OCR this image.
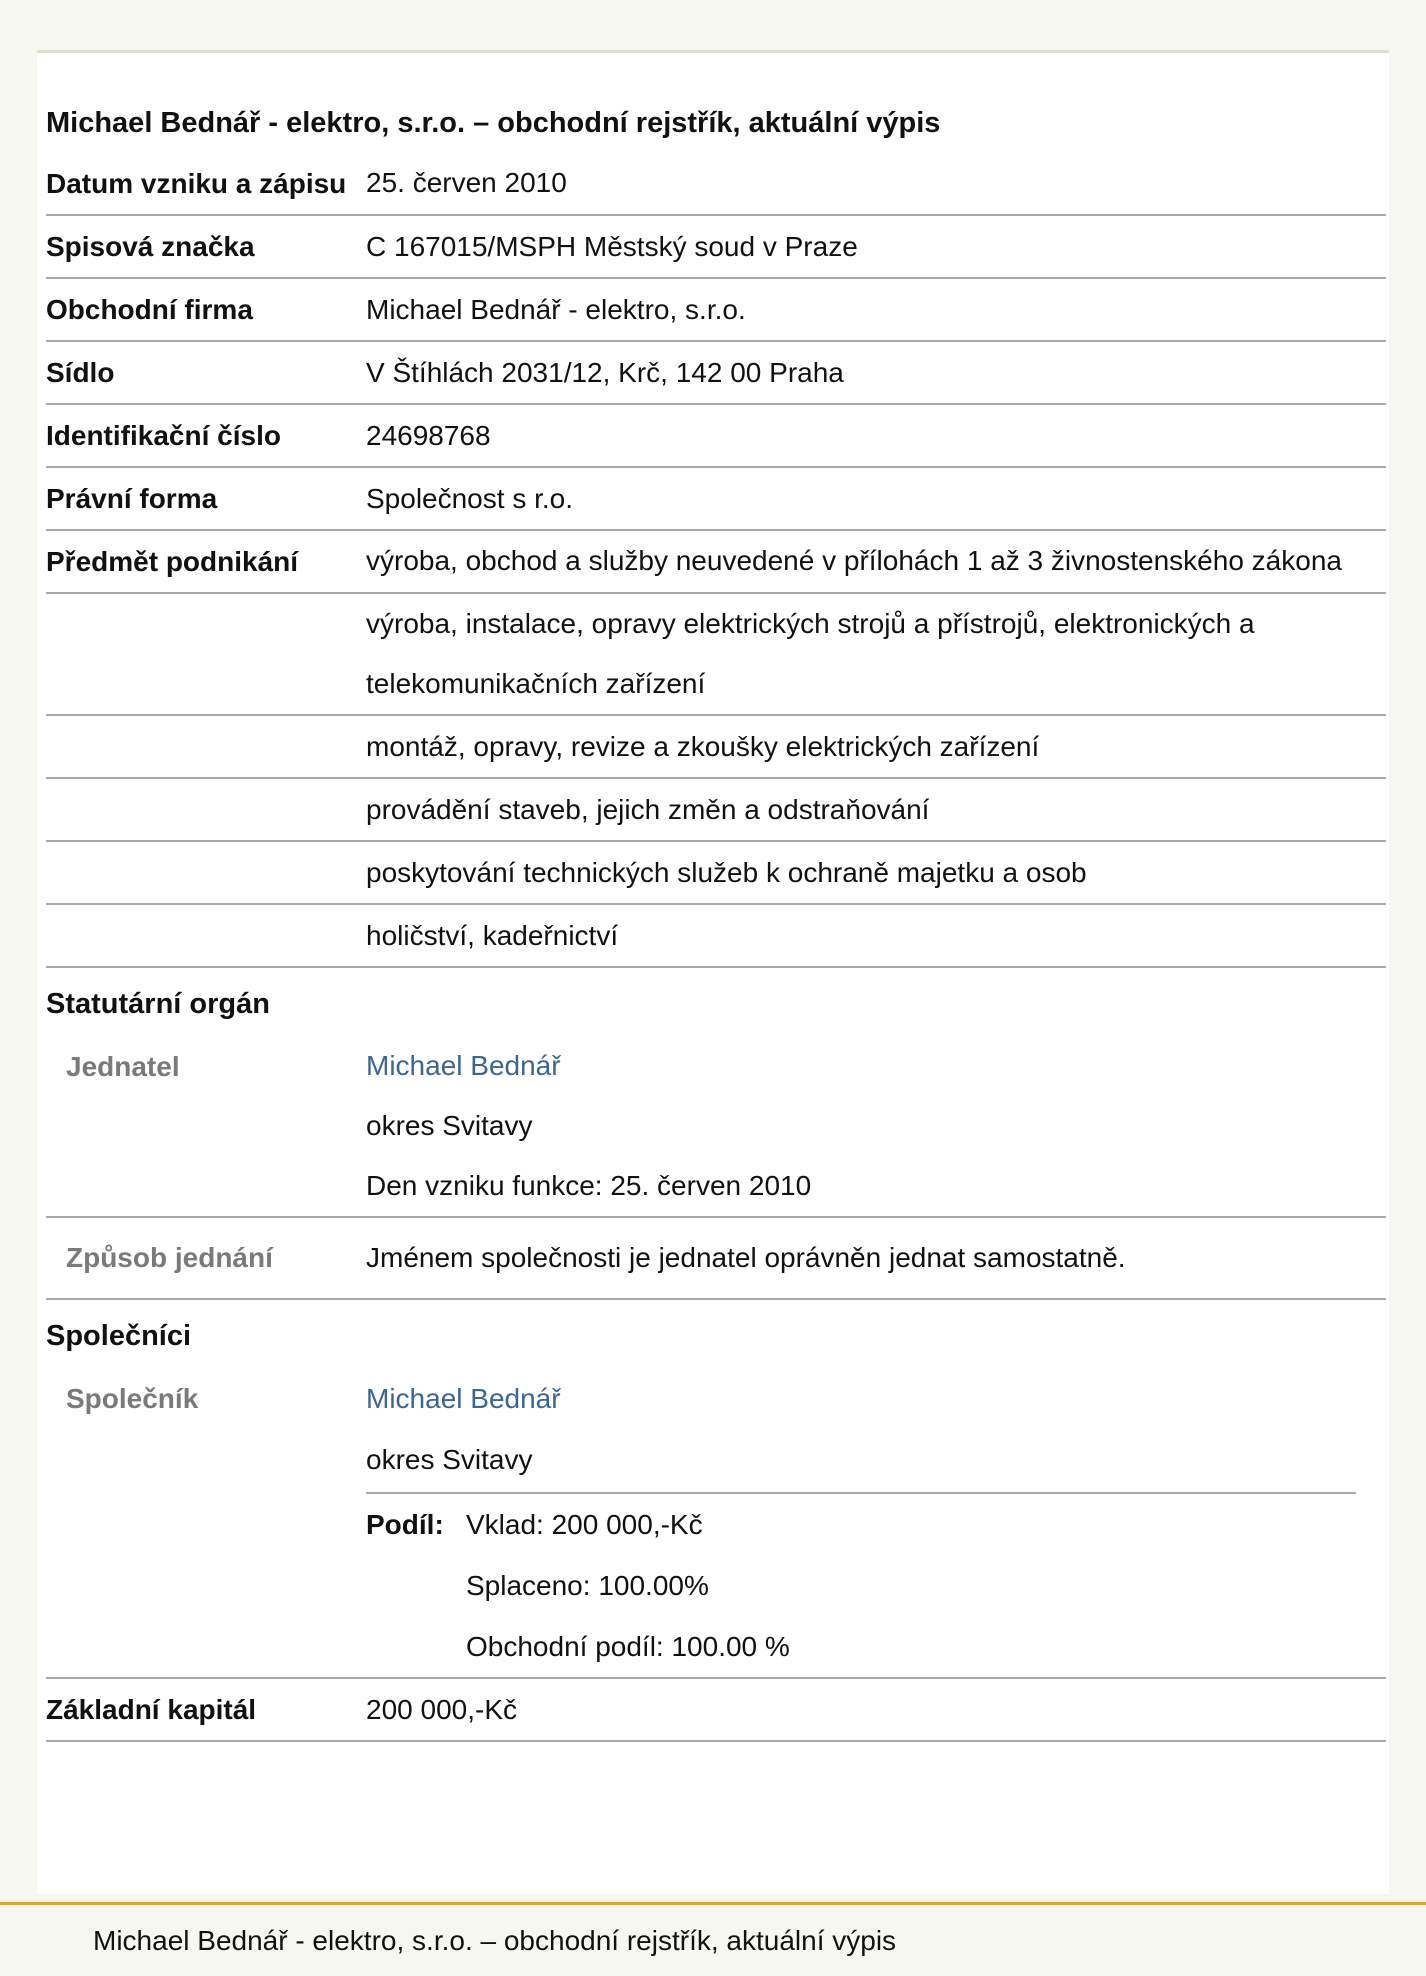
Michael Bednář - elektro, s.r.o. – obchodní rejstřík, aktuální výpis
Datum vzniku a zápisu 25. červen 2010
Spisová značka	C 167015/MSPH Městský soud v Praze
Obchodní firma	Michael Bednář - elektro, s.r.o.
Sídlo	V Štíhlách 2031/12, Krč, 142 00 Praha
Identifikační číslo	24698768
Právní forma	Společnost s r.o.
Předmět podnikání	výroba, obchod a služby neuvedené v přílohách 1 až 3 živnostenského zákona
výroba, instalace, opravy elektrických strojů a přístrojů, elektronických a telekomunikačních zařízení
montáž, opravy, revize a zkoušky elektrických zařízení
provádění staveb, jejich změn a odstraňování
poskytování technických služeb k ochraně majetku a osob
holičství, kadeřnictví
Statutární orgán
Jednatel	Michael Bednář
okres Svitavy
Den vzniku funkce: 25. červen 2010
Způsob jednání	Jménem společnosti je jednatel oprávněn jednat samostatně.
Společníci
Společník	Michael Bednář
okres Svitavy
Podíl: Vklad: 200 000,-Kč
Splaceno: 100.00%
Obchodní podíl: 100.00 %
Základní kapitál	200 000,-Kč
Michael Bednář - elektro, s.r.o. – obchodní rejstřík, aktuální výpis
